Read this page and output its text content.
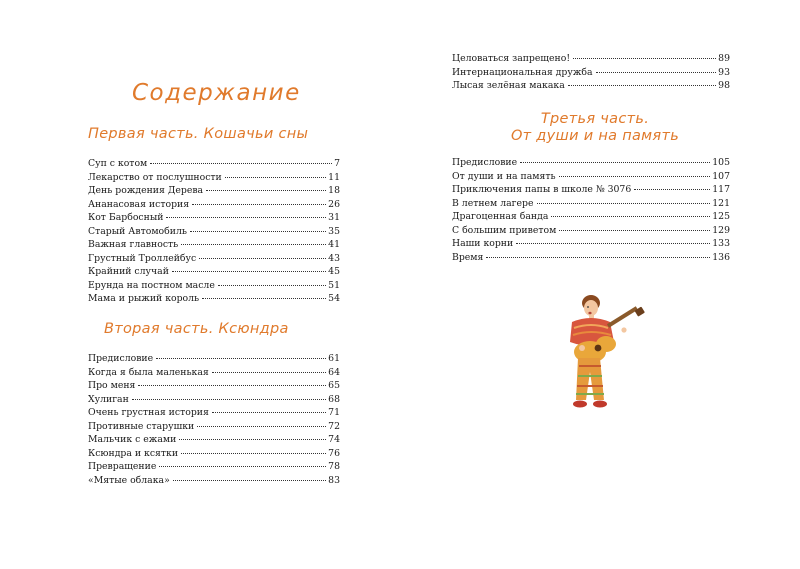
Содержание
Первая часть. Кошачьи сны
Суп с котом	7
Лекарство от послушности	11
День рождения Дерева	18
Ананасовая история	26
Кот Барбосный	31
Старый Автомобиль	35
Важная главность	41
Грустный Троллейбус	43
Крайний случай	45
Ерунда на постном масле	51
Мама и рыжий король	54
Вторая часть. Ксюндра
Предисловие	61
Когда я была маленькая	64
Про меня	65
Хулиган	68
Очень грустная история	71
Противные старушки	72
Мальчик с ежами	74
Ксюндра и ксятки	76
Превращение	78
«Мятые облака»	83
Целоваться запрещено!	89
Интернациональная дружба	93
Лысая зелёная макака	98
Третья часть.
От души и на память
Предисловие	105
От души и на память	107
Приключения папы в школе № 3076	117
В летнем лагере	121
Драгоценная банда	125
С большим приветом	129
Наши корни	133
Время	136
